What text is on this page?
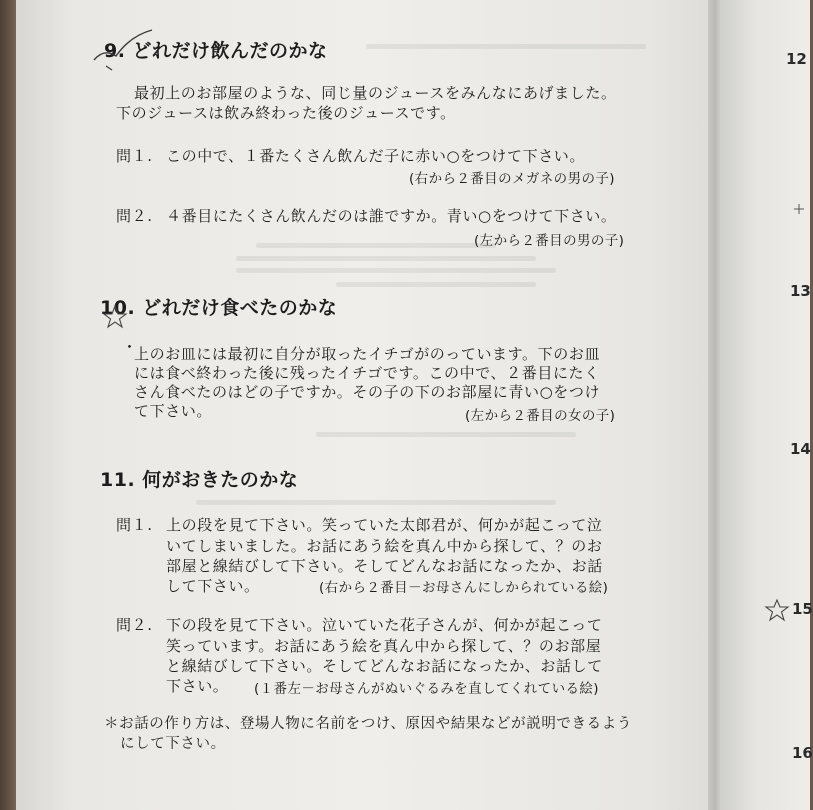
9. どれだけ飲んだのかな
最初上のお部屋のような、同じ量のジュースをみんなにあげました。
下のジュースは飲み終わった後のジュースです。
問１. この中で、１番たくさん飲んだ子に赤い○をつけて下さい。
(右から２番目のメガネの男の子)
問２. ４番目にたくさん飲んだのは誰ですか。青い○をつけて下さい。
(左から２番目の男の子)
10. どれだけ食べたのかな
・
上のお皿には最初に自分が取ったイチゴがのっています。下のお皿
には食べ終わった後に残ったイチゴです。この中で、２番目にたく
さん食べたのはどの子ですか。その子の下のお部屋に青い○をつけ
て下さい。	(左から２番目の女の子)
11. 何がおきたのかな
問１. 上の段を見て下さい。笑っていた太郎君が、何かが起こって泣
いてしまいました。お話にあう絵を真ん中から探して、？のお
部屋と線結びして下さい。そしてどんなお話になったか、お話
して下さい。	(右から２番目－お母さんにしかられている絵)
問２. 下の段を見て下さい。泣いていた花子さんが、何かが起こって
笑っています。お話にあう絵を真ん中から探して、？のお部屋
と線結びして下さい。そしてどんなお話になったか、お話して
下さい。 (１番左－お母さんがぬいぐるみを直してくれている絵)
＊お話の作り方は、登場人物に名前をつけ、原因や結果などが説明できるよう
にして下さい。
12
13
14
15
16
